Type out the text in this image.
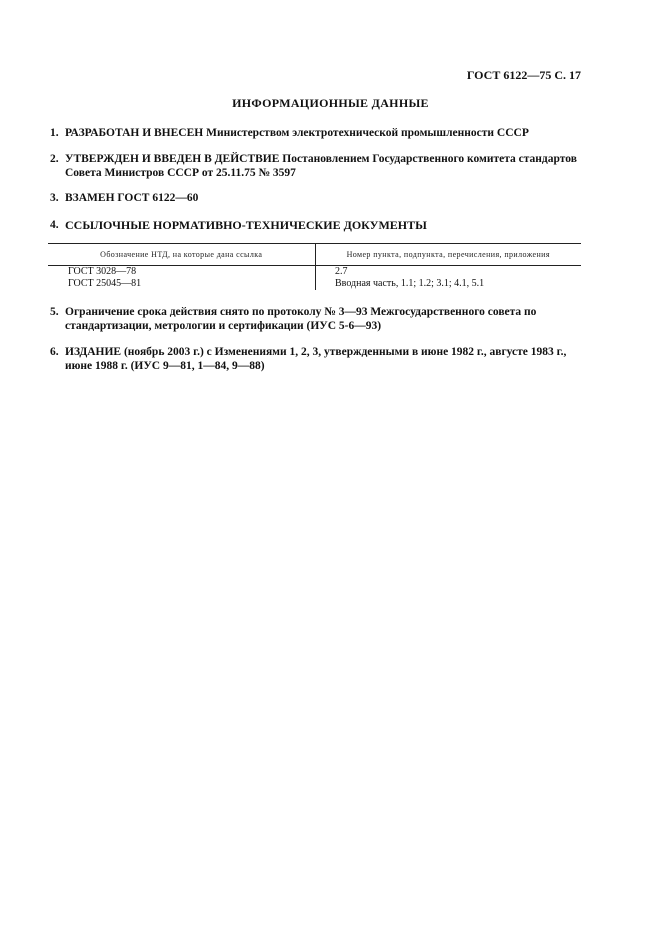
ГОСТ 6122—75 С. 17
ИНФОРМАЦИОННЫЕ ДАННЫЕ
1. РАЗРАБОТАН И ВНЕСЕН Министерством электротехнической промышленности СССР
2. УТВЕРЖДЕН И ВВЕДЕН В ДЕЙСТВИЕ Постановлением Государственного комитета стандартов Совета Министров СССР от 25.11.75 № 3597
3. ВЗАМЕН ГОСТ 6122—60
4. ССЫЛОЧНЫЕ НОРМАТИВНО-ТЕХНИЧЕСКИЕ ДОКУМЕНТЫ
Обозначение НТД, на которые дана ссылка	Номер пункта, подпункта, перечисления, приложения
ГОСТ 3028—78	2.7
ГОСТ 25045—81	Вводная часть, 1.1; 1.2; 3.1; 4.1, 5.1
5. Ограничение срока действия снято по протоколу № 3—93 Межгосударственного совета по стандартизации, метрологии и сертификации (ИУС 5-6—93)
6. ИЗДАНИЕ (ноябрь 2003 г.) с Изменениями 1, 2, 3, утвержденными в июне 1982 г., августе 1983 г., июне 1988 г. (ИУС 9—81, 1—84, 9—88)
